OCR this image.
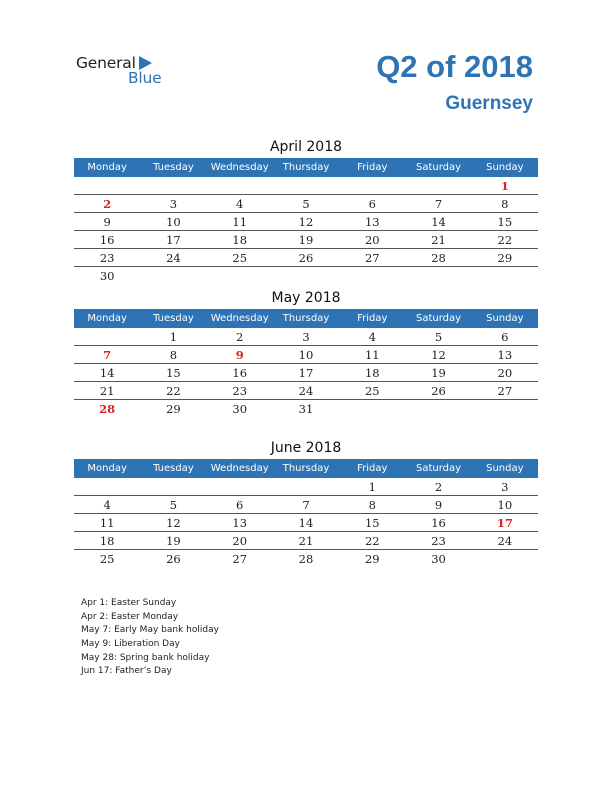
General
Blue	Q2 of 2018
Guernsey
April 2018
Monday	Tuesday	Wednesday	Thursday	Friday	Saturday	Sunday
						1
2	3	4	5	6	7	8
9	10	11	12	13	14	15
16	17	18	19	20	21	22
23	24	25	26	27	28	29
30						
May 2018
Monday	Tuesday	Wednesday	Thursday	Friday	Saturday	Sunday
	1	2	3	4	5	6
7	8	9	10	11	12	13
14	15	16	17	18	19	20
21	22	23	24	25	26	27
28	29	30	31			
June 2018
Monday	Tuesday	Wednesday	Thursday	Friday	Saturday	Sunday
				1	2	3
4	5	6	7	8	9	10
11	12	13	14	15	16	17
18	19	20	21	22	23	24
25	26	27	28	29	30	
Apr 1: Easter Sunday
Apr 2: Easter Monday
May 7: Early May bank holiday
May 9: Liberation Day
May 28: Spring bank holiday
Jun 17: Father’s Day
